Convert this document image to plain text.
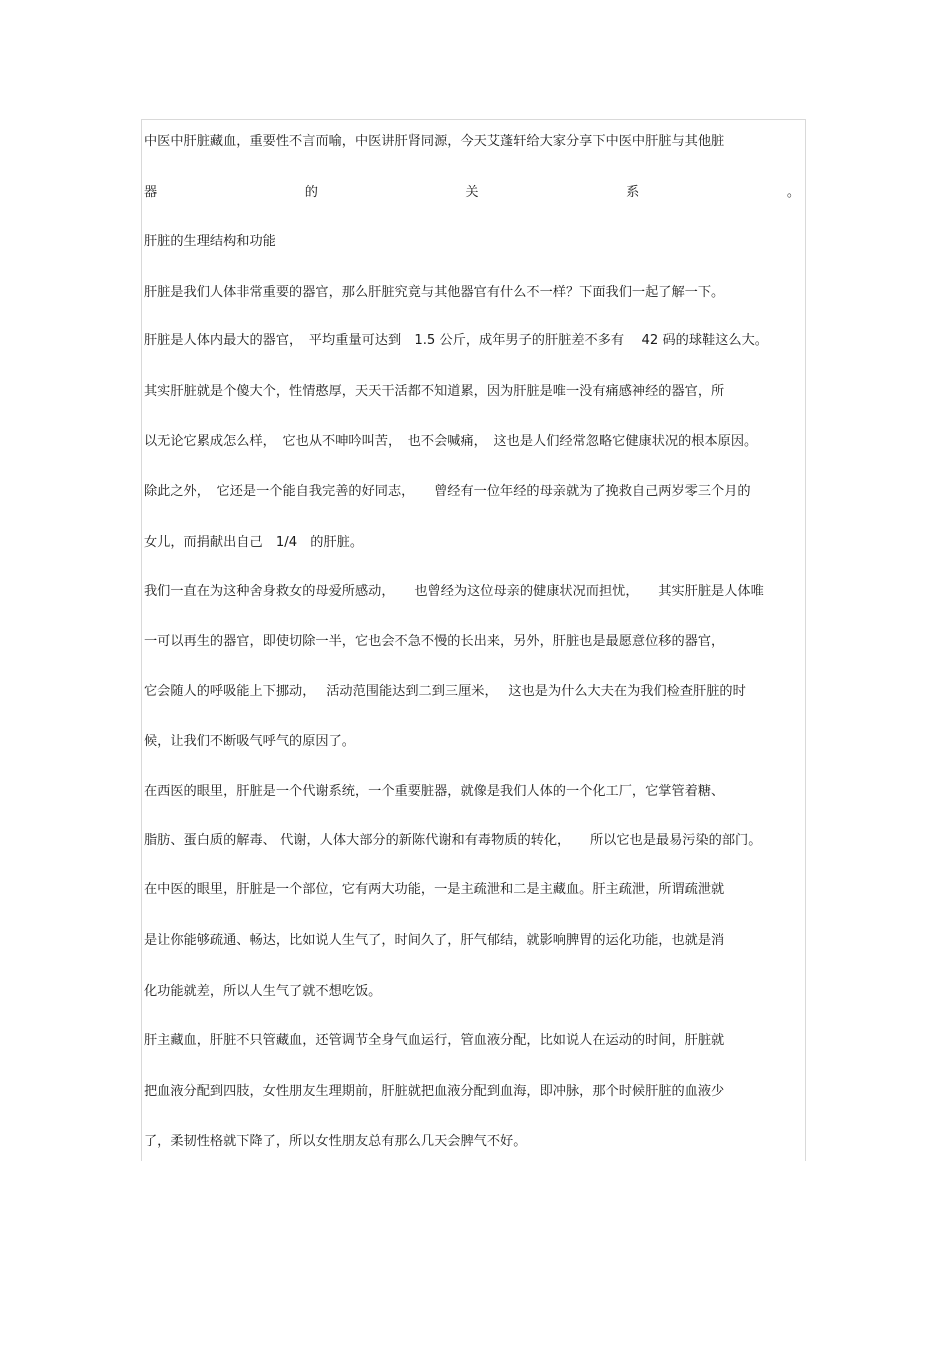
中医中肝脏藏血，重要性不言而喻，中医讲肝肾同源，今天艾蓬轩给大家分享下中医中肝脏与其他脏
器	的	关	系	。
肝脏的生理结构和功能
肝脏是我们人体非常重要的器官，那么肝脏究竟与其他器官有什么不一样？下面我们一起了解一下。
肝脏是人体内最大的器官，　平均重量可达到　1.5 公斤，成年男子的肝脏差不多有　 42 码的球鞋这么大。
其实肝脏就是个傻大个，性情憨厚，天天干活都不知道累，因为肝脏是唯一没有痛感神经的器官，所
以无论它累成怎么样，　它也从不呻吟叫苦，　也不会喊痛，　这也是人们经常忽略它健康状况的根本原因。
除此之外，　它还是一个能自我完善的好同志，　　曾经有一位年经的母亲就为了挽救自己两岁零三个月的
女儿，而捐献出自己　1/4　的肝脏。
我们一直在为这种舍身救女的母爱所感动，　　也曾经为这位母亲的健康状况而担忧，　　其实肝脏是人体唯
一可以再生的器官，即使切除一半，它也会不急不慢的长出来，另外，肝脏也是最愿意位移的器官，
它会随人的呼吸能上下挪动，　 活动范围能达到二到三厘米，　 这也是为什么大夫在为我们检查肝脏的时
候，让我们不断吸气呼气的原因了。
在西医的眼里，肝脏是一个代谢系统，一个重要脏器，就像是我们人体的一个化工厂，它掌管着糖、
脂肪、蛋白质的解毒、 代谢，人体大部分的新陈代谢和有毒物质的转化，　　所以它也是最易污染的部门。
在中医的眼里，肝脏是一个部位，它有两大功能，一是主疏泄和二是主藏血。肝主疏泄，所谓疏泄就
是让你能够疏通、畅达，比如说人生气了，时间久了，肝气郁结，就影响脾胃的运化功能，也就是消
化功能就差，所以人生气了就不想吃饭。
肝主藏血，肝脏不只管藏血，还管调节全身气血运行，管血液分配，比如说人在运动的时间，肝脏就
把血液分配到四肢，女性朋友生理期前，肝脏就把血液分配到血海，即冲脉，那个时候肝脏的血液少
了，柔韧性格就下降了，所以女性朋友总有那么几天会脾气不好。
